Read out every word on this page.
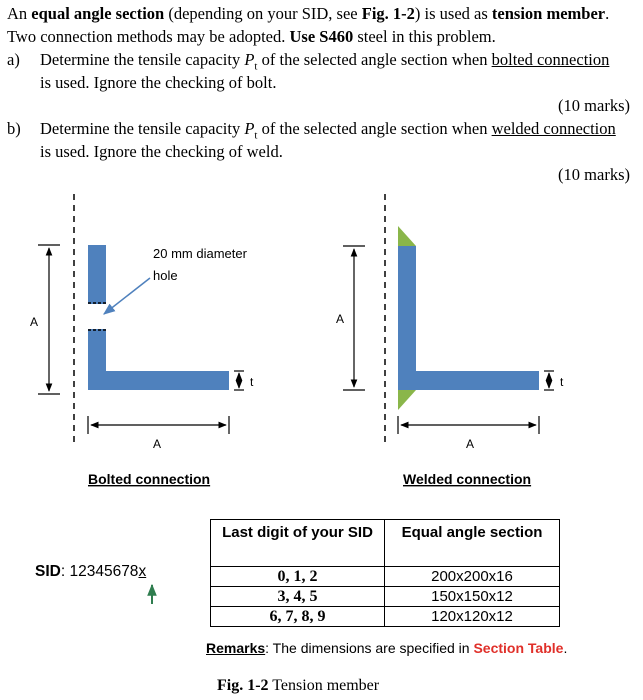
An equal angle section (depending on your SID, see Fig. 1-2) is used as tension member.
Two connection methods may be adopted. Use S460 steel in this problem.
a) Determine the tensile capacity $P_t$ of the selected angle section when bolted connection
is used. Ignore the checking of bolt.
(10 marks)
b) Determine the tensile capacity $P_t$ of the selected angle section when welded connection
is used. Ignore the checking of weld.
(10 marks)
A
20 mm diameter
hole
t
A
Bolted connection
A
t
A
Welded connection
SID: 12345678x
Last digit of your SID	Equal angle section
0, 1, 2	200x200x16
3, 4, 5	150x150x12
6, 7, 8, 9	120x120x12
Remarks: The dimensions are specified in Section Table.
Fig. 1-2 Tension member
